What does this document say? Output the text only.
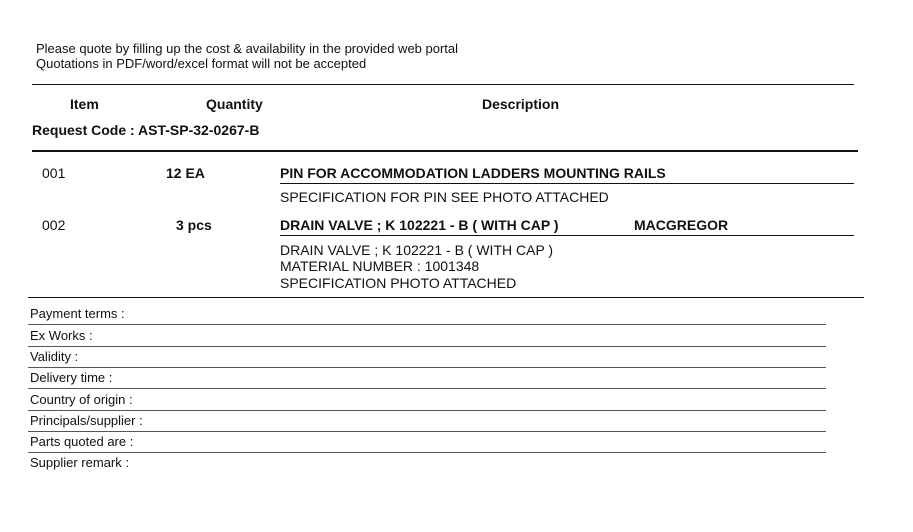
Please quote by filling up the cost & availability in the provided web portal
Quotations in PDF/word/excel format will not be accepted
Item	Quantity	Description
Request Code : AST-SP-32-0267-B
001	12 EA	PIN FOR ACCOMMODATION LADDERS MOUNTING RAILS
SPECIFICATION FOR PIN SEE PHOTO ATTACHED
002	3 pcs	DRAIN VALVE ; K 102221 - B ( WITH CAP )	MACGREGOR
DRAIN VALVE ; K 102221 - B ( WITH CAP )
MATERIAL NUMBER : 1001348
SPECIFICATION PHOTO ATTACHED
Payment terms :
Ex Works :
Validity :
Delivery time :
Country of origin :
Principals/supplier :
Parts quoted are :
Supplier remark :
